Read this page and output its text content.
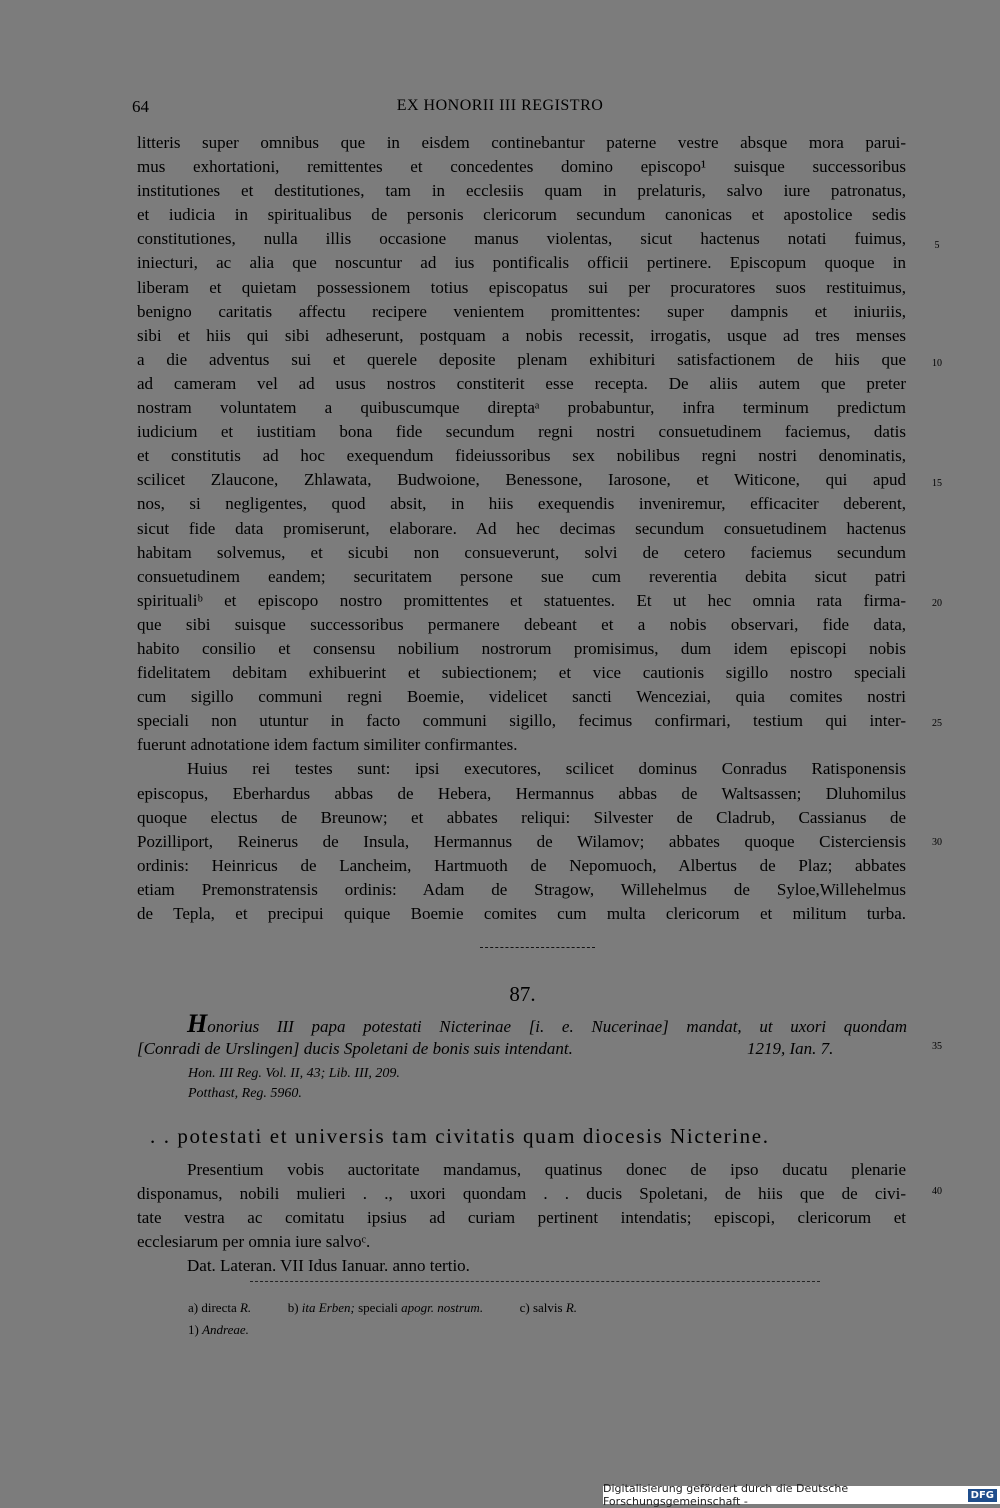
64	EX HONORII III REGISTRO
litteris super omnibus que in eisdem continebantur paterne vestre absque mora parui-
mus exhortationi, remittentes et concedentes domino episcopo¹ suisque successoribus
institutiones et destitutiones, tam in ecclesiis quam in prelaturis, salvo iure patronatus,
et iudicia in spiritualibus de personis clericorum secundum canonicas et apostolice sedis
constitutiones, nulla illis occasione manus violentas, sicut hactenus notati fuimus,
iniecturi, ac alia que noscuntur ad ius pontificalis officii pertinere. Episcopum quoque in
liberam et quietam possessionem totius episcopatus sui per procuratores suos restituimus,
benigno caritatis affectu recipere venientem promittentes: super dampnis et iniuriis,
sibi et hiis qui sibi adheserunt, postquam a nobis recessit, irrogatis, usque ad tres menses
a die adventus sui et querele deposite plenam exhibituri satisfactionem de hiis que
ad cameram vel ad usus nostros constiterit esse recepta. De aliis autem que preter
nostram voluntatem a quibuscumque direptaᵃ probabuntur, infra terminum predictum
iudicium et iustitiam bona fide secundum regni nostri consuetudinem faciemus, datis
et constitutis ad hoc exequendum fideiussoribus sex nobilibus regni nostri denominatis,
scilicet Zlaucone, Zhlawata, Budwoione, Benessone, Iarosone, et Witicone, qui apud
nos, si negligentes, quod absit, in hiis exequendis inveniremur, efficaciter deberent,
sicut fide data promiserunt, elaborare. Ad hec decimas secundum consuetudinem hactenus
habitam solvemus, et sicubi non consueverunt, solvi de cetero faciemus secundum
consuetudinem eandem; securitatem persone sue cum reverentia debita sicut patri
spiritualiᵇ et episcopo nostro promittentes et statuentes. Et ut hec omnia rata firma-
que sibi suisque successoribus permanere debeant et a nobis observari, fide data,
habito consilio et consensu nobilium nostrorum promisimus, dum idem episcopi nobis
fidelitatem debitam exhibuerint et subiectionem; et vice cautionis sigillo nostro speciali
cum sigillo communi regni Boemie, videlicet sancti Wenceziai, quia comites nostri
speciali non utuntur in facto communi sigillo, fecimus confirmari, testium qui inter-
fuerunt adnotatione idem factum similiter confirmantes.
Huius rei testes sunt: ipsi executores, scilicet dominus Conradus Ratisponensis
episcopus, Eberhardus abbas de Hebera, Hermannus abbas de Waltsassen; Dluhomilus
quoque electus de Breunow; et abbates reliqui: Silvester de Cladrub, Cassianus de
Pozilliport, Reinerus de Insula, Hermannus de Wilamov; abbates quoque Cisterciensis
ordinis: Heinricus de Lancheim, Hartmuoth de Nepomuoch, Albertus de Plaz; abbates
etiam Premonstratensis ordinis: Adam de Stragow, Willehelmus de Syloe,Willehelmus
de Tepla, et precipui quique Boemie comites cum multa clericorum et militum turba.
5
10
15
20
25
30
87.
Honorius III papa potestati Nicterinae [i. e. Nucerinae] mandat, ut uxori quondam
[Conradi de Urslingen] ducis Spoletani de bonis suis intendant.	1219, Ian. 7.	35
Hon. III Reg. Vol. II, 43; Lib. III, 209.
Potthast, Reg. 5960.
. . potestati et universis tam civitatis quam diocesis Nicterine.
Presentium vobis auctoritate mandamus, quatinus donec de ipso ducatu plenarie
disponamus, nobili mulieri . ., uxori quondam . . ducis Spoletani, de hiis que de civi-
tate vestra ac comitatu ipsius ad curiam pertinent intendatis; episcopi, clericorum et
ecclesiarum per omnia iure salvoᶜ.
Dat. Lateran. VII Idus Ianuar. anno tertio.
40
a) directa R.	b) ita Erben; speciali apogr. nostrum.	c) salvis R.
1) Andreae.
Digitalisierung gefördert durch die Deutsche Forschungsgemeinschaft -	DFG
